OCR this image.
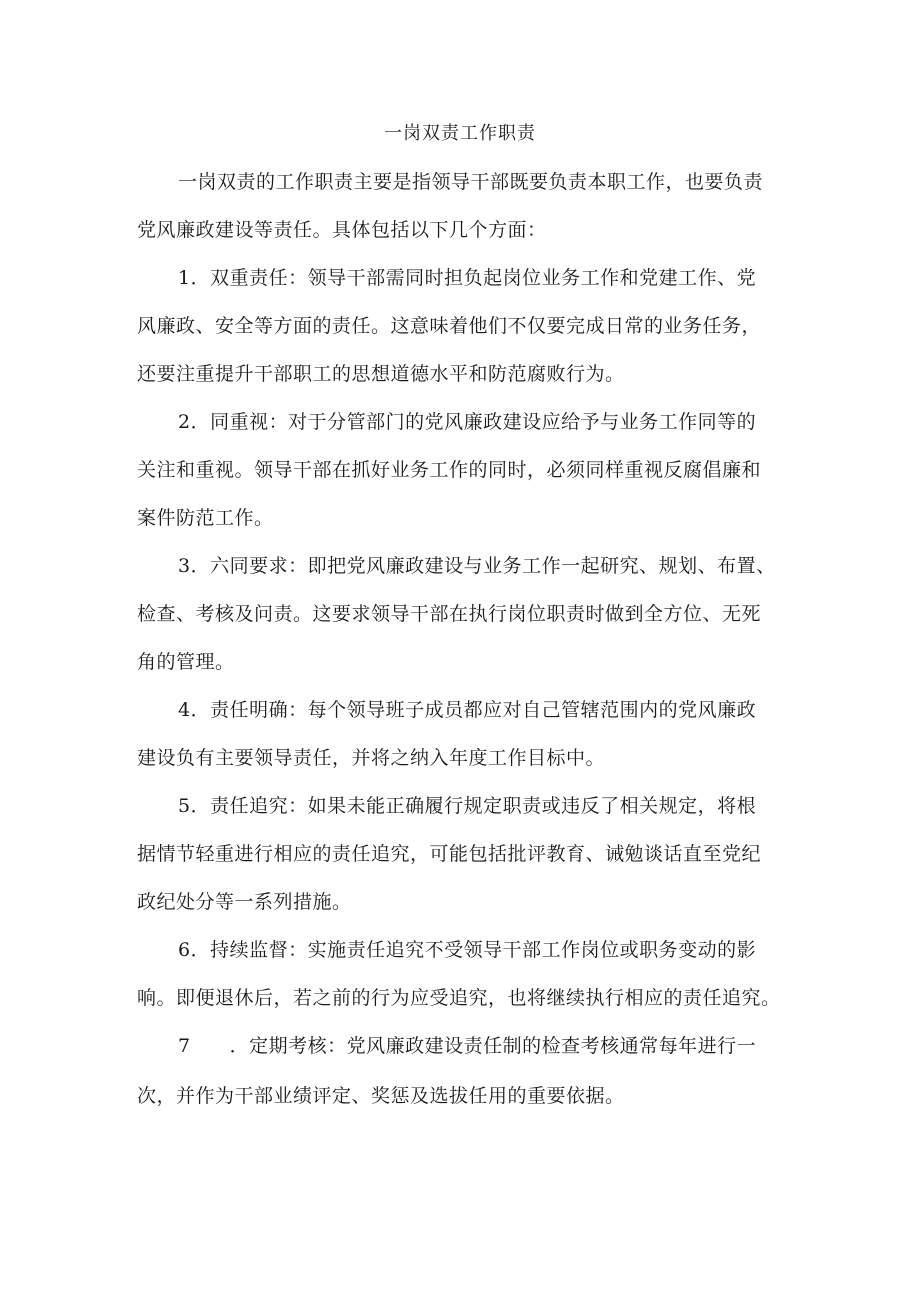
一岗双责工作职责
一岗双责的工作职责主要是指领导干部既要负责本职工作，也要负责
党风廉政建设等责任。具体包括以下几个方面：
1．双重责任：领导干部需同时担负起岗位业务工作和党建工作、党
风廉政、安全等方面的责任。这意味着他们不仅要完成日常的业务任务，
还要注重提升干部职工的思想道德水平和防范腐败行为。
2．同重视：对于分管部门的党风廉政建设应给予与业务工作同等的
关注和重视。领导干部在抓好业务工作的同时，必须同样重视反腐倡廉和
案件防范工作。
3．六同要求：即把党风廉政建设与业务工作一起研究、规划、布置、
检查、考核及问责。这要求领导干部在执行岗位职责时做到全方位、无死
角的管理。
4．责任明确：每个领导班子成员都应对自己管辖范围内的党风廉政
建设负有主要领导责任，并将之纳入年度工作目标中。
5．责任追究：如果未能正确履行规定职责或违反了相关规定，将根
据情节轻重进行相应的责任追究，可能包括批评教育、诫勉谈话直至党纪
政纪处分等一系列措施。
6．持续监督：实施责任追究不受领导干部工作岗位或职务变动的影
响。即便退休后，若之前的行为应受追究，也将继续执行相应的责任追究。
7　　．定期考核：党风廉政建设责任制的检查考核通常每年进行一
次，并作为干部业绩评定、奖惩及选拔任用的重要依据。
